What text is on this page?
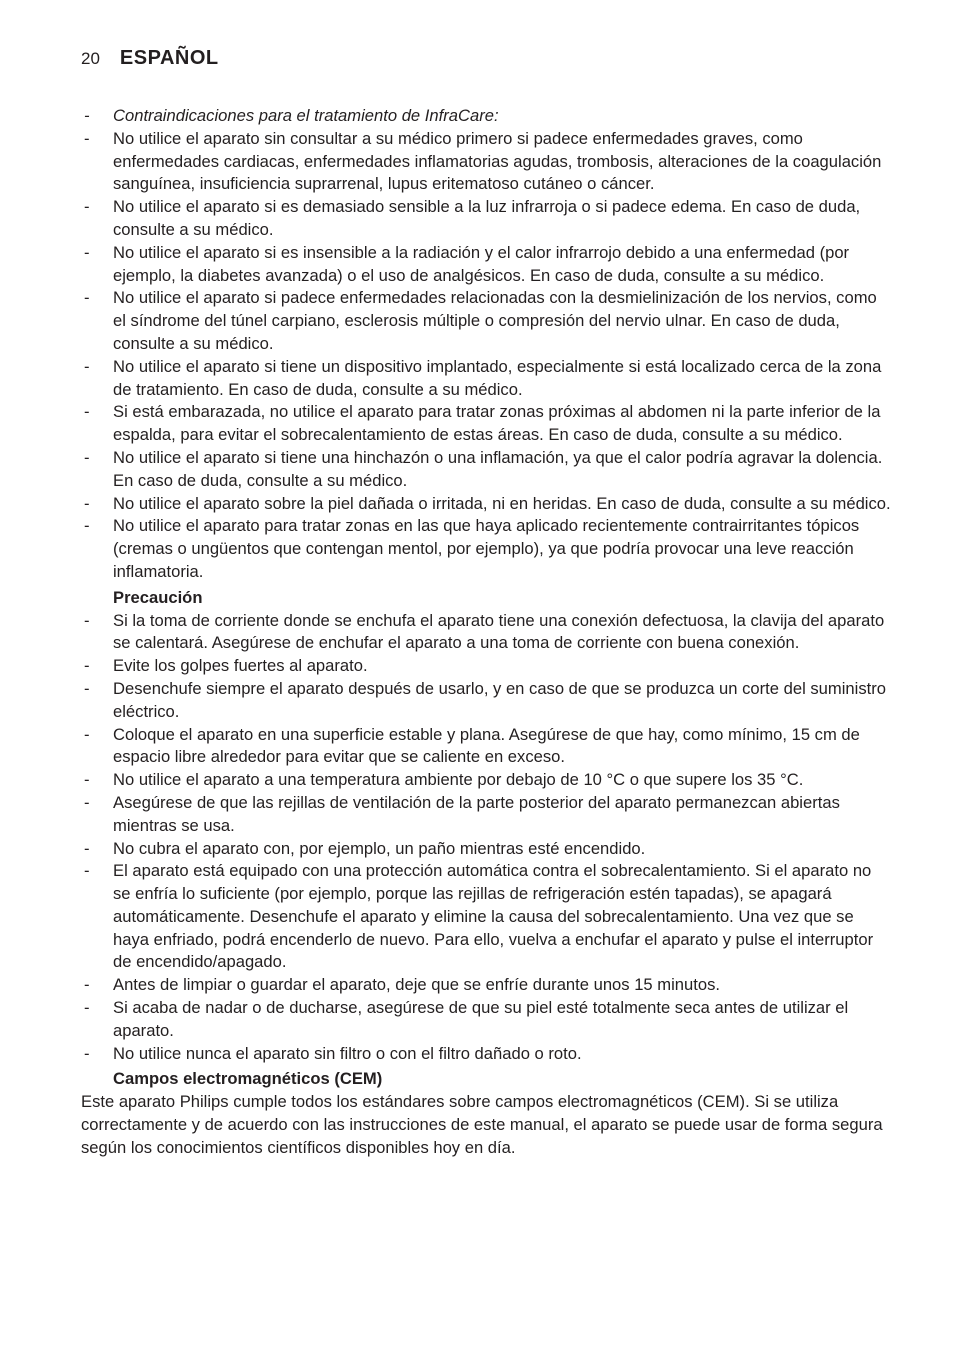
20 ESPAÑOL
- Contraindicaciones para el tratamiento de InfraCare:
- No utilice el aparato sin consultar a su médico primero si padece enfermedades graves, como enfermedades cardiacas, enfermedades inflamatorias agudas, trombosis, alteraciones de la coagulación sanguínea, insuficiencia suprarrenal, lupus eritematoso cutáneo o cáncer.
- No utilice el aparato si es demasiado sensible a la luz infrarroja o si padece edema. En caso de duda, consulte a su médico.
- No utilice el aparato si es insensible a la radiación y el calor infrarrojo debido a una enfermedad (por ejemplo, la diabetes avanzada) o el uso de analgésicos. En caso de duda, consulte a su médico.
- No utilice el aparato si padece enfermedades relacionadas con la desmielinización de los nervios, como el síndrome del túnel carpiano, esclerosis múltiple o compresión del nervio ulnar. En caso de duda, consulte a su médico.
- No utilice el aparato si tiene un dispositivo implantado, especialmente si está localizado cerca de la zona de tratamiento. En caso de duda, consulte a su médico.
- Si está embarazada, no utilice el aparato para tratar zonas próximas al abdomen ni la parte inferior de la espalda, para evitar el sobrecalentamiento de estas áreas. En caso de duda, consulte a su médico.
- No utilice el aparato si tiene una hinchazón o una inflamación, ya que el calor podría agravar la dolencia. En caso de duda, consulte a su médico.
- No utilice el aparato sobre la piel dañada o irritada, ni en heridas. En caso de duda, consulte a su médico.
- No utilice el aparato para tratar zonas en las que haya aplicado recientemente contrairritantes tópicos (cremas o ungüentos que contengan mentol, por ejemplo), ya que podría provocar una leve reacción inflamatoria.
Precaución
- Si la toma de corriente donde se enchufa el aparato tiene una conexión defectuosa, la clavija del aparato se calentará. Asegúrese de enchufar el aparato a una toma de corriente con buena conexión.
- Evite los golpes fuertes al aparato.
- Desenchufe siempre el aparato después de usarlo, y en caso de que se produzca un corte del suministro eléctrico.
- Coloque el aparato en una superficie estable y plana. Asegúrese de que hay, como mínimo, 15 cm de espacio libre alrededor para evitar que se caliente en exceso.
- No utilice el aparato a una temperatura ambiente por debajo de 10 °C o que supere los 35 °C.
- Asegúrese de que las rejillas de ventilación de la parte posterior del aparato permanezcan abiertas mientras se usa.
- No cubra el aparato con, por ejemplo, un paño mientras esté encendido.
- El aparato está equipado con una protección automática contra el sobrecalentamiento. Si el aparato no se enfría lo suficiente (por ejemplo, porque las rejillas de refrigeración estén tapadas), se apagará automáticamente. Desenchufe el aparato y elimine la causa del sobrecalentamiento. Una vez que se haya enfriado, podrá encenderlo de nuevo. Para ello, vuelva a enchufar el aparato y pulse el interruptor de encendido/apagado.
- Antes de limpiar o guardar el aparato, deje que se enfríe durante unos 15 minutos.
- Si acaba de nadar o de ducharse, asegúrese de que su piel esté totalmente seca antes de utilizar el aparato.
- No utilice nunca el aparato sin filtro o con el filtro dañado o roto.
Campos electromagnéticos (CEM)
Este aparato Philips cumple todos los estándares sobre campos electromagnéticos (CEM). Si se utiliza correctamente y de acuerdo con las instrucciones de este manual, el aparato se puede usar de forma segura según los conocimientos científicos disponibles hoy en día.
